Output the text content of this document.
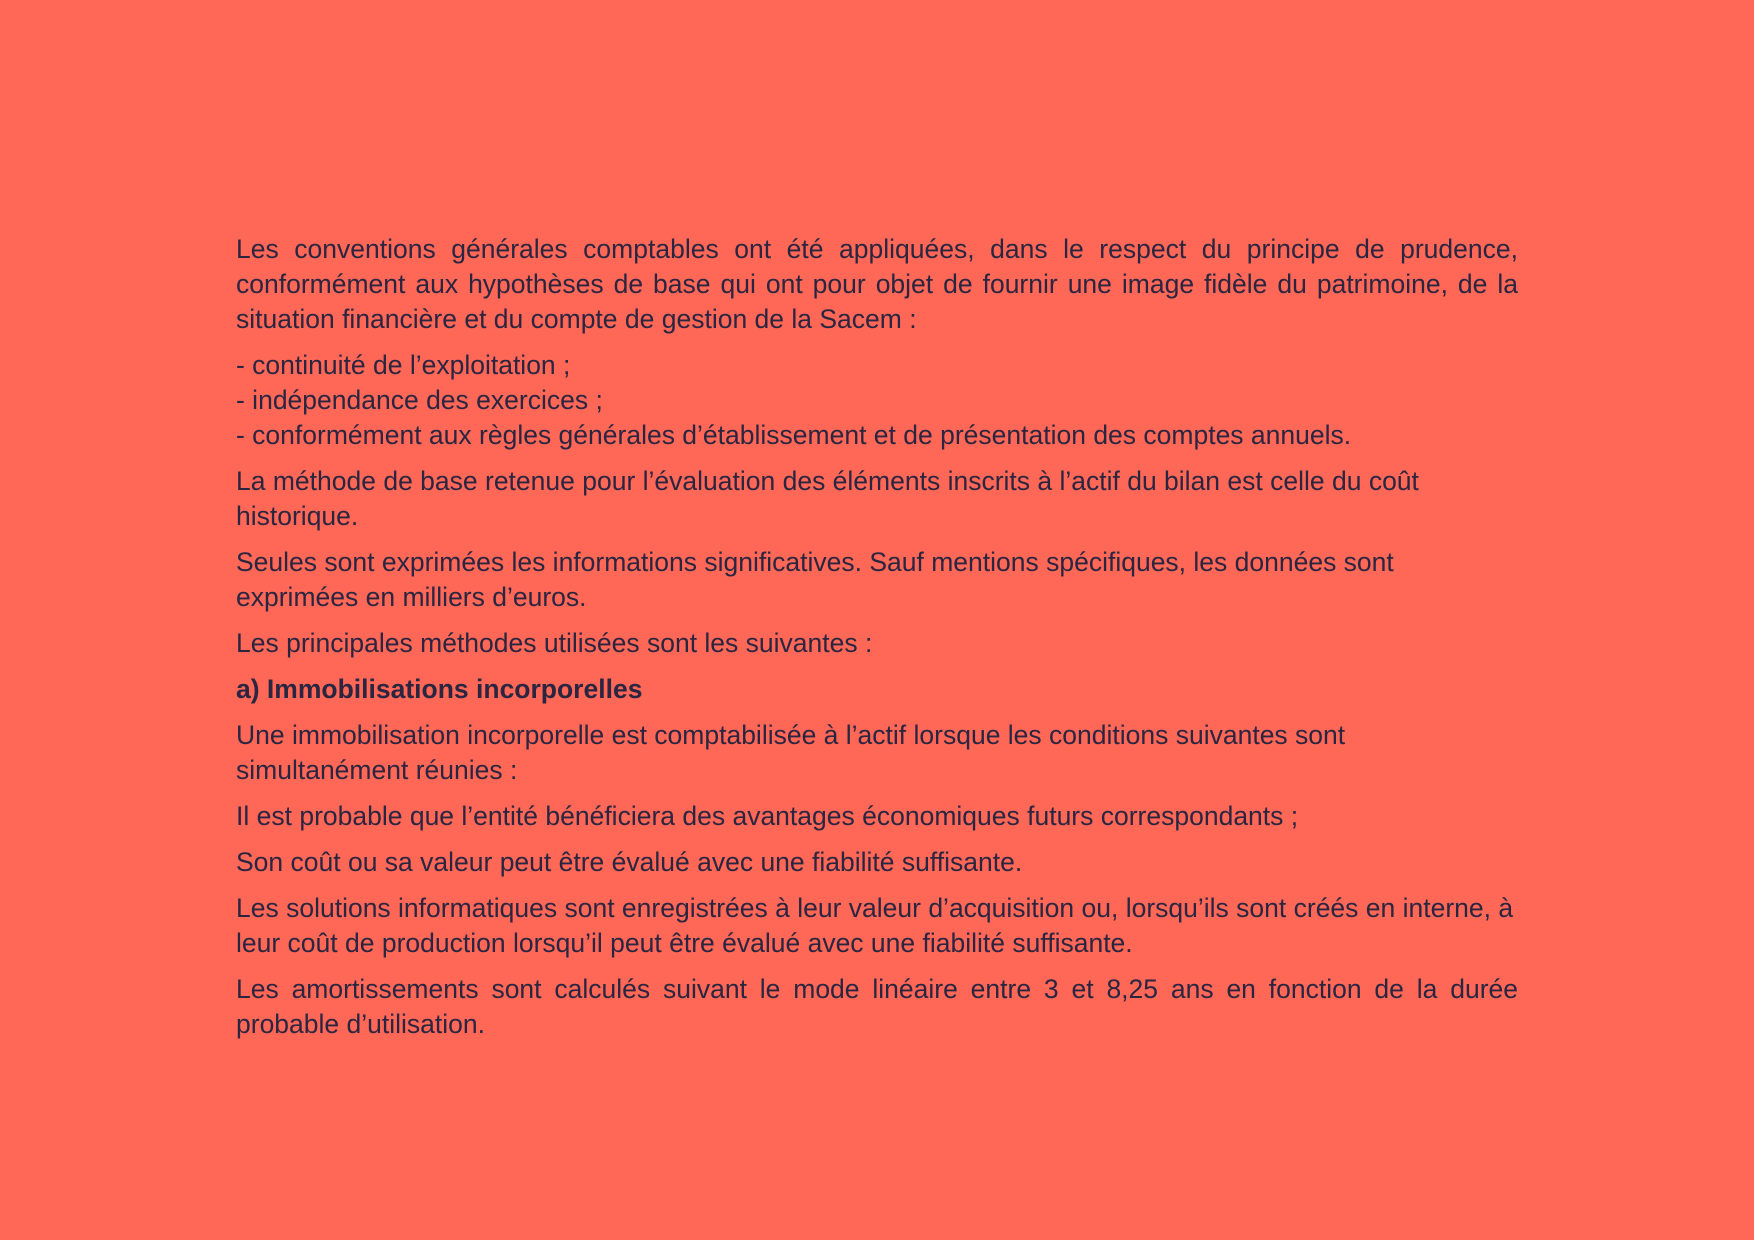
Les conventions générales comptables ont été appliquées, dans le respect du principe de prudence, conformément aux hypothèses de base qui ont pour objet de fournir une image fidèle du patrimoine, de la situation financière et du compte de gestion de la Sacem :

- continuité de l’exploitation ;
- indépendance des exercices ;
- conformément aux règles générales d’établissement et de présentation des comptes annuels.

La méthode de base retenue pour l’évaluation des éléments inscrits à l’actif du bilan est celle du coût historique.

Seules sont exprimées les informations significatives. Sauf mentions spécifiques, les données sont exprimées en milliers d’euros.

Les principales méthodes utilisées sont les suivantes :

a) Immobilisations incorporelles

Une immobilisation incorporelle est comptabilisée à l’actif lorsque les conditions suivantes sont simultanément réunies :

Il est probable que l’entité bénéficiera des avantages économiques futurs correspondants ;

Son coût ou sa valeur peut être évalué avec une fiabilité suffisante.

Les solutions informatiques sont enregistrées à leur valeur d’acquisition ou, lorsqu’ils sont créés en interne, à leur coût de production lorsqu’il peut être évalué avec une fiabilité suffisante.

Les amortissements sont calculés suivant le mode linéaire entre 3 et 8,25 ans en fonction de la durée probable d’utilisation.
